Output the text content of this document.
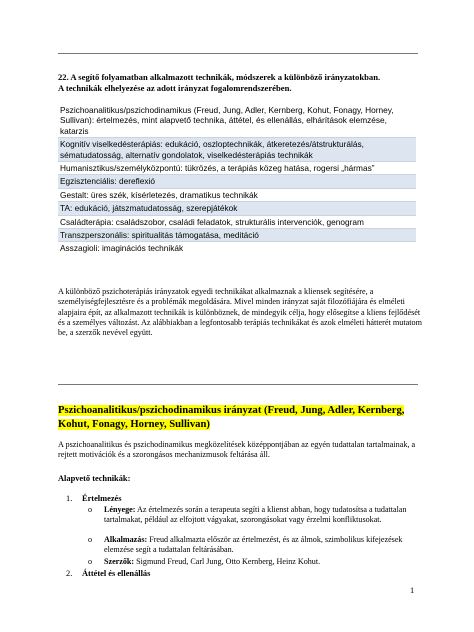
22. A segítő folyamatban alkalmazott technikák, módszerek a különböző irányzatokban.
A technikák elhelyezése az adott irányzat fogalomrendszerében.
Pszichoanalitikus/pszichodinamikus (Freud, Jung, Adler, Kernberg, Kohut, Fonagy, Horney, Sullivan): értelmezés, mint alapvető technika, áttétel, és ellenállás, elhárítások elemzése, katarzis
Kognitív viselkedésterápiás: edukáció, oszloptechnikák, átkeretezés/átstrukturálás, sématudatosság, alternatív gondolatok, viselkedésterápiás technikák
Humanisztikus/személyközpontú: tükrözés, a terápiás közeg hatása, rogersi „hármas”
Egzisztenciális: dereflexió
Gestalt: üres szék, kísérletezés, dramatikus technikák
TA: edukáció, játszmatudatosság, szerepjátékok
Családterápia: családszobor, családi feladatok, strukturális intervenciók, genogram
Transzperszonális: spiritualitás támogatása, meditáció
Asszagioli: imaginációs technikák
A különböző pszichoterápiás irányzatok egyedi technikákat alkalmaznak a kliensek segítésére, a személyiségfejlesztésre és a problémák megoldására. Mivel minden irányzat saját filozófiájára és elméleti alapjaira épít, az alkalmazott technikák is különböznek, de mindegyik célja, hogy elősegítse a kliens fejlődését és a személyes változást. Az alábbiakban a legfontosabb terápiás technikákat és azok elméleti hátterét mutatom be, a szerzők nevével együtt.
Pszichoanalitikus/pszichodinamikus irányzat (Freud, Jung, Adler, Kernberg, Kohut, Fonagy, Horney, Sullivan)
A pszichoanalitikus és pszichodinamikus megközelítések középpontjában az egyén tudattalan tartalmainak, a rejtett motivációk és a szorongásos mechanizmusok feltárása áll.
Alapvető technikák:
1. Értelmezés
o Lényege: Az értelmezés során a terapeuta segíti a klienst abban, hogy tudatosítsa a tudattalan tartalmakat, például az elfojtott vágyakat, szorongásokat vagy érzelmi konfliktusokat.
o Alkalmazás: Freud alkalmazta először az értelmezést, és az álmok, szimbolikus kifejezések elemzése segít a tudattalan feltárásában.
o Szerzők: Sigmund Freud, Carl Jung, Otto Kernberg, Heinz Kohut.
2. Áttétel és ellenállás
1
